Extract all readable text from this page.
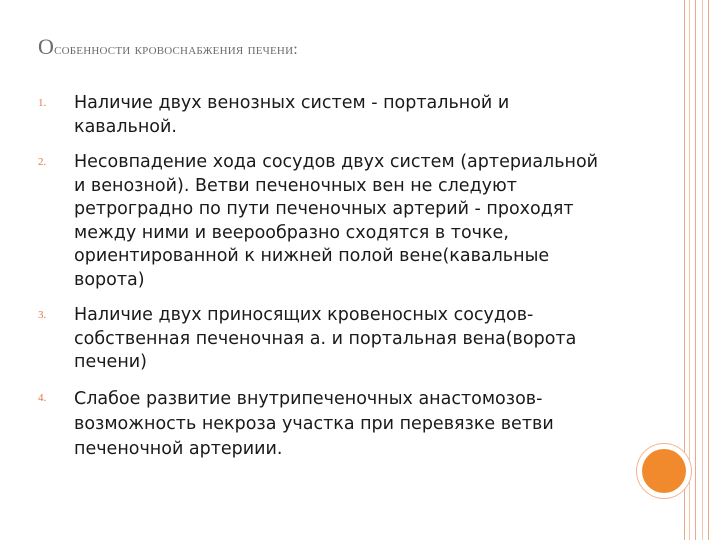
Особенности кровоснабжения печени:
1. Наличие двух венозных систем - портальной и кавальной.
2. Несовпадение хода сосудов двух систем (артериальной и венозной). Ветви печеночных вен не следуют ретроградно по пути печеночных артерий - проходят между ними и веерообразно сходятся в точке, ориентированной к нижней полой вене(кавальные ворота)
3. Наличие двух приносящих кровеносных сосудов- собственная печеночная а. и портальная вена(ворота печени)
4. Слабое развитие внутрипеченочных анастомозов- возможность некроза участка при перевязке ветви печеночной артериии.
